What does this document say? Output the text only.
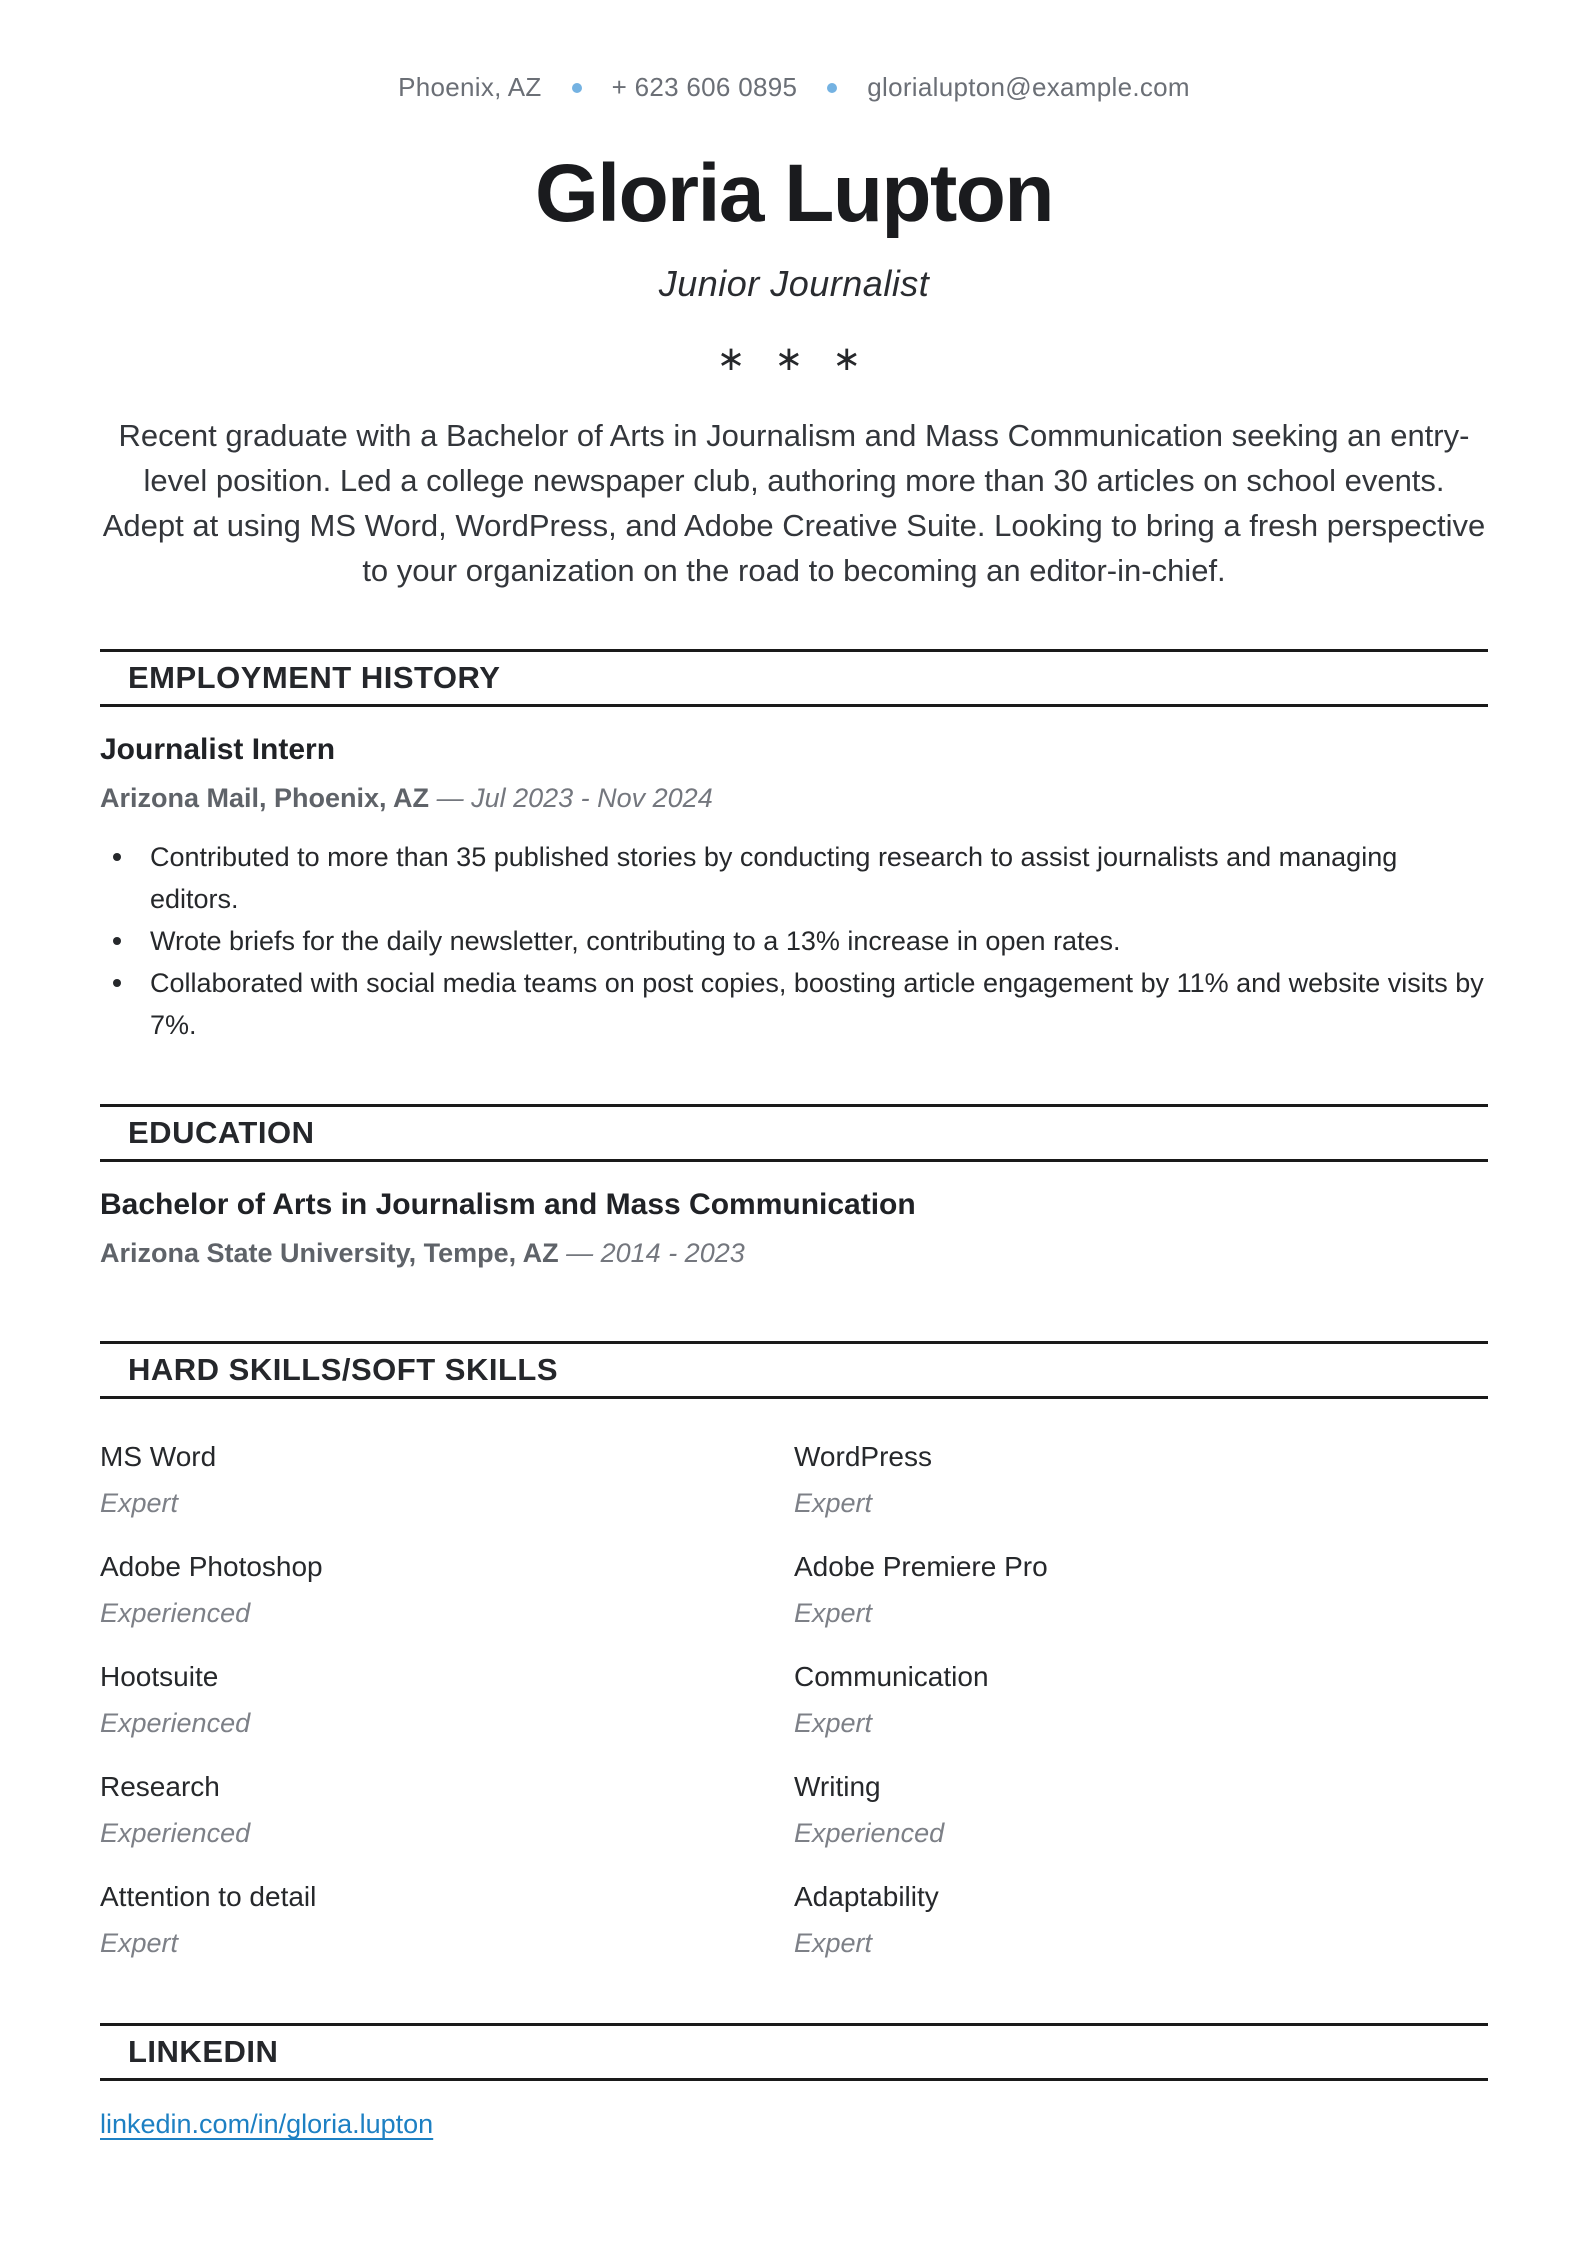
Phoenix, AZ	+ 623 606 0895	glorialupton@example.com
Gloria Lupton
Junior Journalist
∗ ∗ ∗
Recent graduate with a Bachelor of Arts in Journalism and Mass Communication seeking an entry-level position. Led a college newspaper club, authoring more than 30 articles on school events. Adept at using MS Word, WordPress, and Adobe Creative Suite. Looking to bring a fresh perspective to your organization on the road to becoming an editor-in-chief.
EMPLOYMENT HISTORY
Journalist Intern
Arizona Mail, Phoenix, AZ — Jul 2023 - Nov 2024
Contributed to more than 35 published stories by conducting research to assist journalists and managing editors.
Wrote briefs for the daily newsletter, contributing to a 13% increase in open rates.
Collaborated with social media teams on post copies, boosting article engagement by 11% and website visits by 7%.
EDUCATION
Bachelor of Arts in Journalism and Mass Communication
Arizona State University, Tempe, AZ — 2014 - 2023
HARD SKILLS/SOFT SKILLS
MS Word
Expert
WordPress
Expert
Adobe Photoshop
Experienced
Adobe Premiere Pro
Expert
Hootsuite
Experienced
Communication
Expert
Research
Experienced
Writing
Experienced
Attention to detail
Expert
Adaptability
Expert
LINKEDIN
linkedin.com/in/gloria.lupton
